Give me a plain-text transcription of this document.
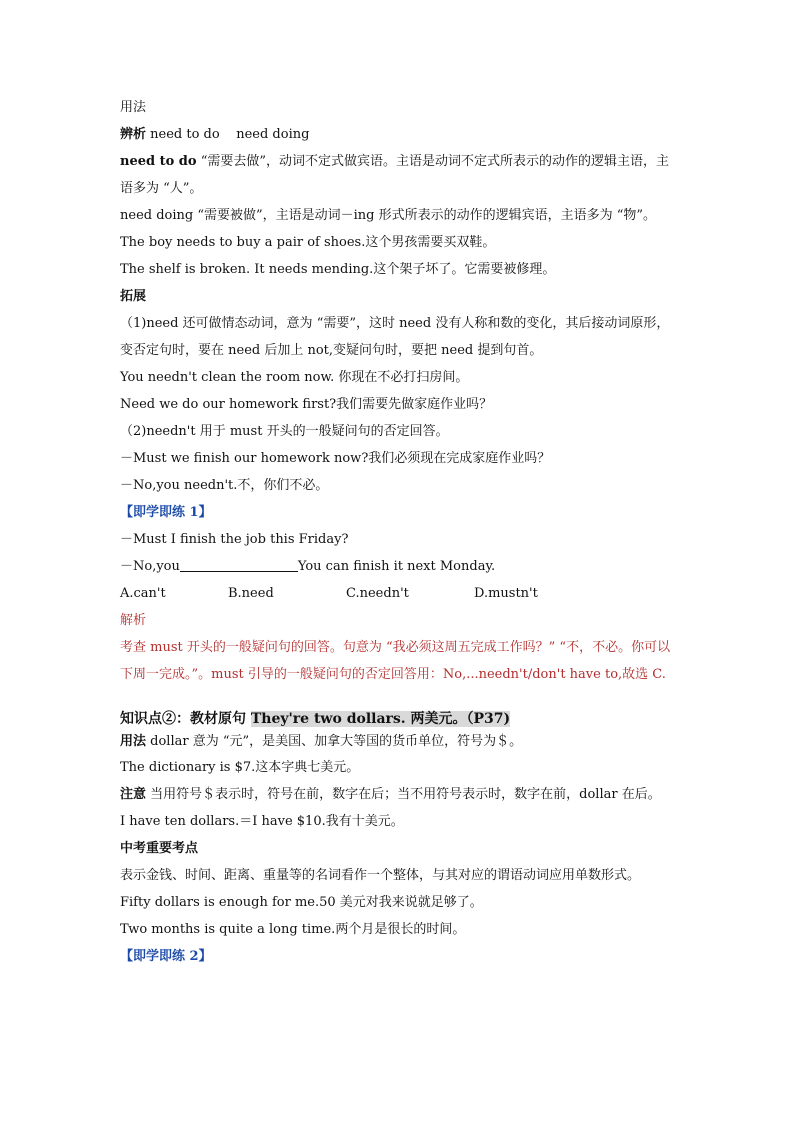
用法
辨析 need to do    need doing
need to do “需要去做”，动词不定式做宾语。主语是动词不定式所表示的动作的逻辑主语，主语多为 “人”。
need doing “需要被做”，主语是动词－ing 形式所表示的动作的逻辑宾语，主语多为 “物”。
The boy needs to buy a pair of shoes.这个男孩需要买双鞋。
The shelf is broken. It needs mending.这个架子坏了。它需要被修理。
拓展
（1)need 还可做情态动词，意为 “需要”，这时 need 没有人称和数的变化，其后接动词原形，变否定句时，要在 need 后加上 not,变疑问句时，要把 need 提到句首。
You needn't clean the room now. 你现在不必打扫房间。
Need we do our homework first?我们需要先做家庭作业吗？
（2)needn't 用于 must 开头的一般疑问句的否定回答。
－Must we finish our homework now?我们必须现在完成家庭作业吗？
－No,you needn't.不，你们不必。
【即学即练 1】
－Must I finish the job this Friday?
－No,you	You can finish it next Monday.
A.can't	B.need	C.needn't	D.mustn't
解析
考查 must 开头的一般疑问句的回答。句意为 “我必须这周五完成工作吗？” “不，不必。你可以下周一完成。”。must 引导的一般疑问句的否定回答用：No,...needn't/don't have to,故选 C.
知识点②：教材原句 They're two dollars. 两美元。（P37)
用法 dollar 意为 “元”，是美国、加拿大等国的货币单位，符号为＄。
The dictionary is $7.这本字典七美元。
注意 当用符号＄表示时，符号在前，数字在后；当不用符号表示时，数字在前，dollar 在后。
I have ten dollars.＝I have $10.我有十美元。
中考重要考点
表示金钱、时间、距离、重量等的名词看作一个整体，与其对应的谓语动词应用单数形式。
Fifty dollars is enough for me.50 美元对我来说就足够了。
Two months is quite a long time.两个月是很长的时间。
【即学即练 2】
